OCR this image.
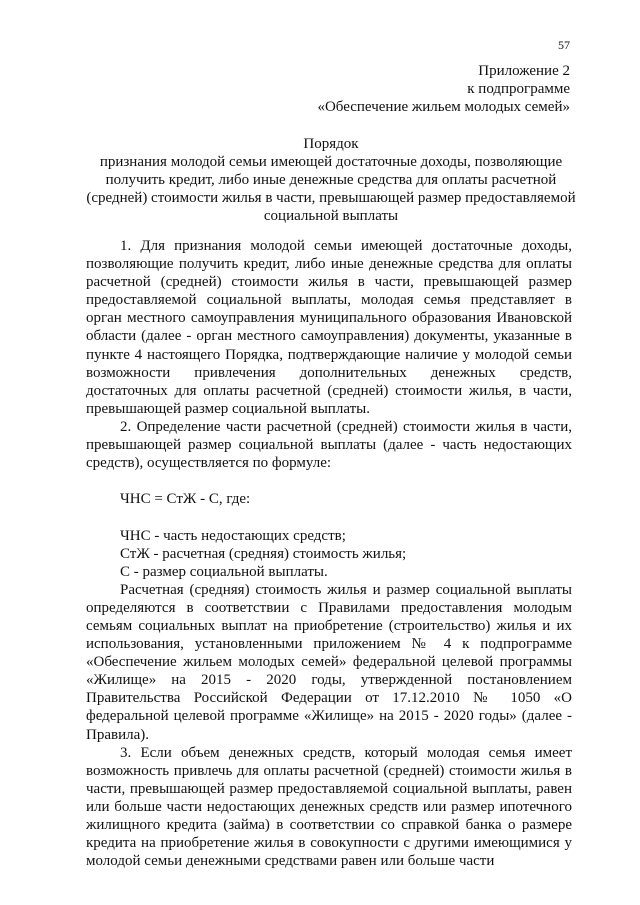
57
Приложение 2
к подпрограмме
«Обеспечение жильем молодых семей»
Порядок
признания молодой семьи имеющей достаточные доходы, позволяющие получить кредит, либо иные денежные средства для оплаты расчетной (средней) стоимости жилья в части, превышающей размер предоставляемой социальной выплаты

1. Для признания молодой семьи имеющей достаточные доходы, позволяющие получить кредит, либо иные денежные средства для оплаты расчетной (средней) стоимости жилья в части, превышающей размер предоставляемой социальной выплаты, молодая семья представляет в орган местного самоуправления муниципального образования Ивановской области (далее - орган местного самоуправления) документы, указанные в пункте 4 настоящего Порядка, подтверждающие наличие у молодой семьи возможности привлечения дополнительных денежных средств, достаточных для оплаты расчетной (средней) стоимости жилья, в части, превышающей размер социальной выплаты.

2. Определение части расчетной (средней) стоимости жилья в части, превышающей размер социальной выплаты (далее - часть недостающих средств), осуществляется по формуле:

ЧНС = СтЖ - С, где:

ЧНС - часть недостающих средств;

СтЖ - расчетная (средняя) стоимость жилья;

С - размер социальной выплаты.

Расчетная (средняя) стоимость жилья и размер социальной выплаты определяются в соответствии с Правилами предоставления молодым семьям социальных выплат на приобретение (строительство) жилья и их использования, установленными приложением № 4 к подпрограмме «Обеспечение жильем молодых семей» федеральной целевой программы «Жилище» на 2015 - 2020 годы, утвержденной постановлением Правительства Российской Федерации от 17.12.2010 № 1050 «О федеральной целевой программе «Жилище» на 2015 - 2020 годы» (далее - Правила).

3. Если объем денежных средств, который молодая семья имеет возможность привлечь для оплаты расчетной (средней) стоимости жилья в части, превышающей размер предоставляемой социальной выплаты, равен или больше части недостающих денежных средств или размер ипотечного жилищного кредита (займа) в соответствии со справкой банка о размере кредита на приобретение жилья в совокупности с другими имеющимися у молодой семьи денежными средствами равен или больше части
